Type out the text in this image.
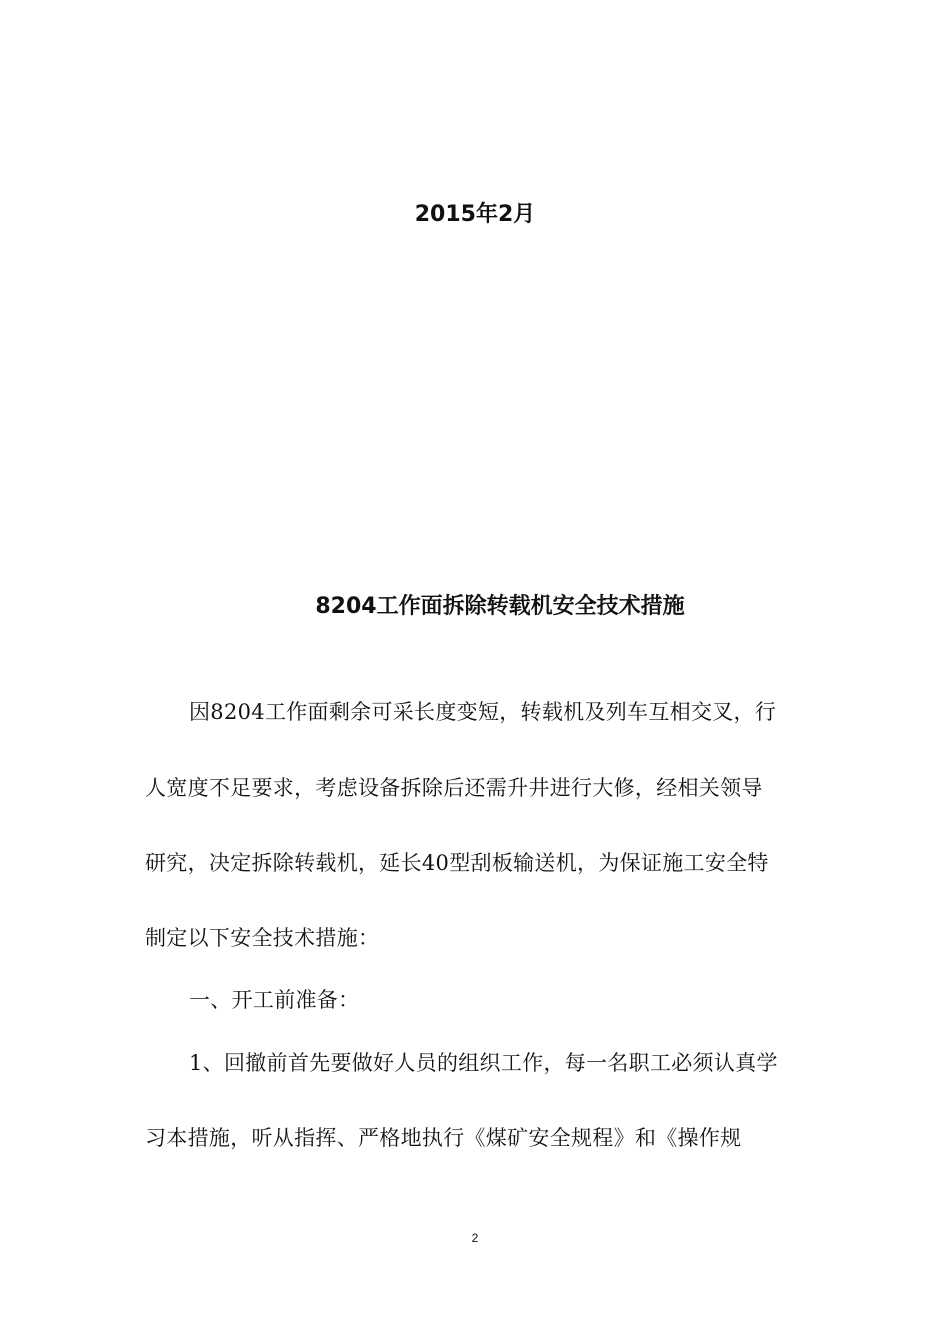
2015年2月
8204工作面拆除转载机安全技术措施
因8204工作面剩余可采长度变短，转载机及列车互相交叉，行
人宽度不足要求，考虑设备拆除后还需升井进行大修，经相关领导
研究，决定拆除转载机，延长40型刮板输送机，为保证施工安全特
制定以下安全技术措施：
一、开工前准备：
1、回撤前首先要做好人员的组织工作，每一名职工必须认真学
习本措施，听从指挥、严格地执行《煤矿安全规程》和《操作规
2
